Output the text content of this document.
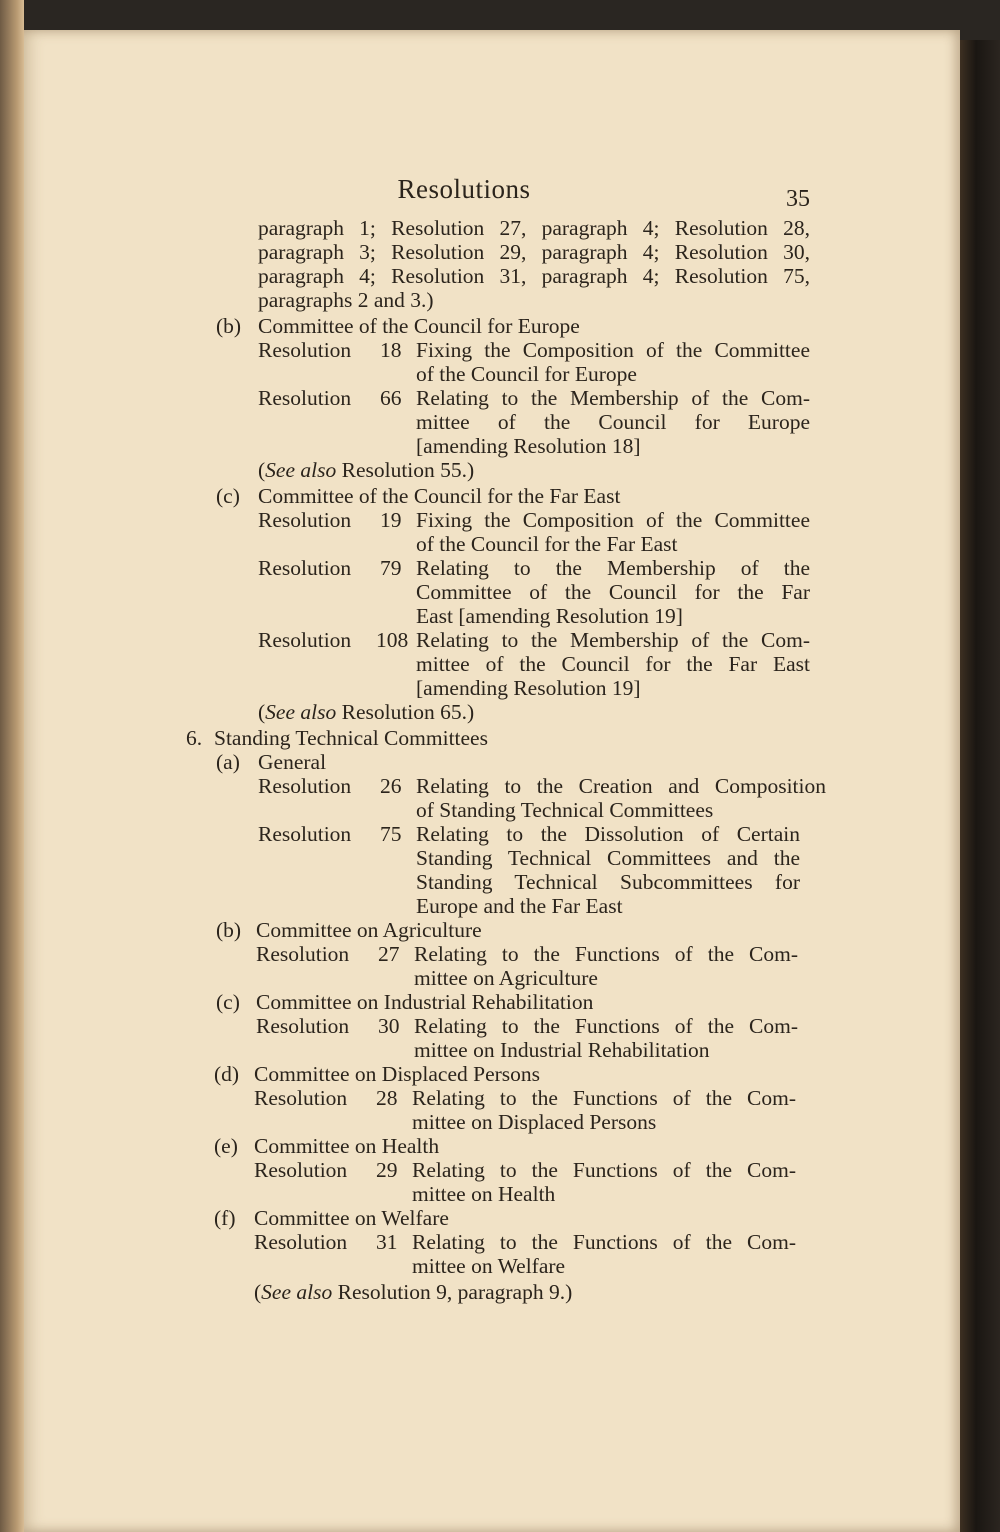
Resolutions	35
paragraph 1; Resolution 27, paragraph 4; Resolution 28,
paragraph 3; Resolution 29, paragraph 4; Resolution 30,
paragraph 4; Resolution 31, paragraph 4; Resolution 75,
paragraphs 2 and 3.)
(b) Committee of the Council for Europe
Resolution 18 Fixing the Composition of the Committee
of the Council for Europe
Resolution 66 Relating to the Membership of the Com-
mittee of the Council for Europe
[amending Resolution 18]
(See also Resolution 55.)
(c) Committee of the Council for the Far East
Resolution 19 Fixing the Composition of the Committee
of the Council for the Far East
Resolution 79 Relating to the Membership of the
Committee of the Council for the Far
East [amending Resolution 19]
Resolution 108 Relating to the Membership of the Com-
mittee of the Council for the Far East
[amending Resolution 19]
(See also Resolution 65.)
6. Standing Technical Committees
(a) General
Resolution 26 Relating to the Creation and Composition
of Standing Technical Committees
Resolution 75 Relating to the Dissolution of Certain
Standing Technical Committees and the
Standing Technical Subcommittees for
Europe and the Far East
(b) Committee on Agriculture
Resolution 27 Relating to the Functions of the Com-
mittee on Agriculture
(c) Committee on Industrial Rehabilitation
Resolution 30 Relating to the Functions of the Com-
mittee on Industrial Rehabilitation
(d) Committee on Displaced Persons
Resolution 28 Relating to the Functions of the Com-
mittee on Displaced Persons
(e) Committee on Health
Resolution 29 Relating to the Functions of the Com-
mittee on Health
(f) Committee on Welfare
Resolution 31 Relating to the Functions of the Com-
mittee on Welfare
(See also Resolution 9, paragraph 9.)
